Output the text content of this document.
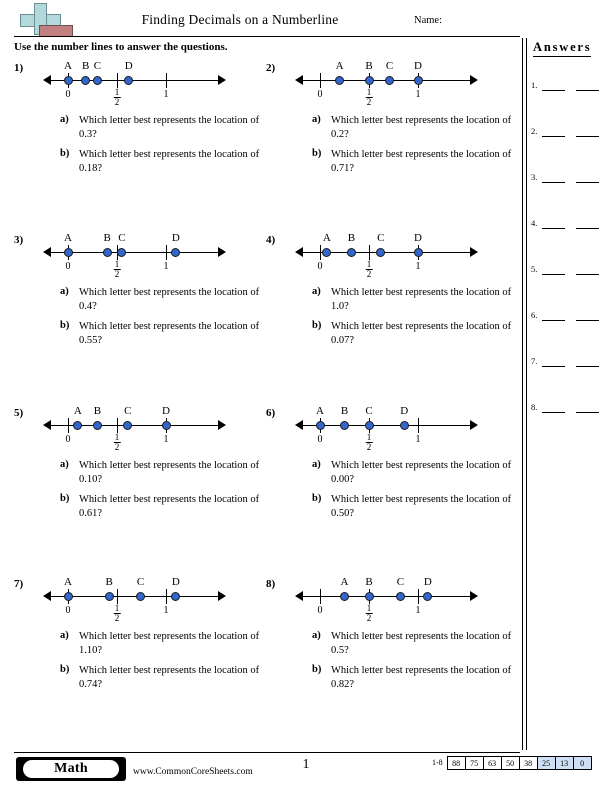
Finding Decimals on a Numberline	Name:
Use the number lines to answer the questions.	Answers
1.
2.
3.
4.
5.
6.
7.
8.
1)
0	$\frac{1}{2}$	1
A B C D
a) Which letter best represents the location of 0.3?
b) Which letter best represents the location of 0.18?
2)
0	$\frac{1}{2}$	1
A B C D
a) Which letter best represents the location of 0.2?
b) Which letter best represents the location of 0.71?
3)
0	$\frac{1}{2}$	1
A	B C	D
a) Which letter best represents the location of 0.4?
b) Which letter best represents the location of 0.55?
4)
0	$\frac{1}{2}$	1
A B C	D
a) Which letter best represents the location of 1.0?
b) Which letter best represents the location of 0.07?
5)
0	$\frac{1}{2}$	1
A B C	D
a) Which letter best represents the location of 0.10?
b) Which letter best represents the location of 0.61?
6)
0	$\frac{1}{2}$	1
A B C	D
a) Which letter best represents the location of 0.00?
b) Which letter best represents the location of 0.50?
7)
0	$\frac{1}{2}$	1
A	B C	D
a) Which letter best represents the location of 1.10?
b) Which letter best represents the location of 0.74?
8)
0	$\frac{1}{2}$	1
A B C D
a) Which letter best represents the location of 0.5?
b) Which letter best represents the location of 0.82?
Math	www.CommonCoreSheets.com	1	1-8	88	75	63	50	38	25	13	0
